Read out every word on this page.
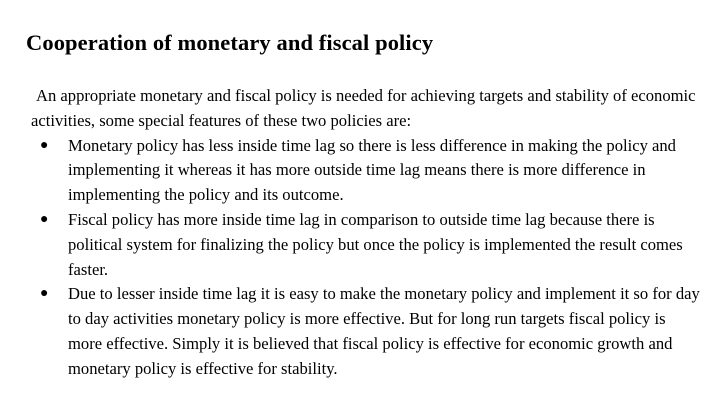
Cooperation of monetary and fiscal policy

An appropriate monetary and fiscal policy is needed for achieving targets and stability of economic activities, some special features of these two policies are:

● Monetary policy has less inside time lag so there is less difference in making the policy and implementing it whereas it has more outside time lag means there is more difference in implementing the policy and its outcome.
● Fiscal policy has more inside time lag in comparison to outside time lag because there is political system for finalizing the policy but once the policy is implemented the result comes faster.
● Due to lesser inside time lag it is easy to make the monetary policy and implement it so for day to day activities monetary policy is more effective. But for long run targets fiscal policy is more effective. Simply it is believed that fiscal policy is effective for economic growth and monetary policy is effective for stability.
